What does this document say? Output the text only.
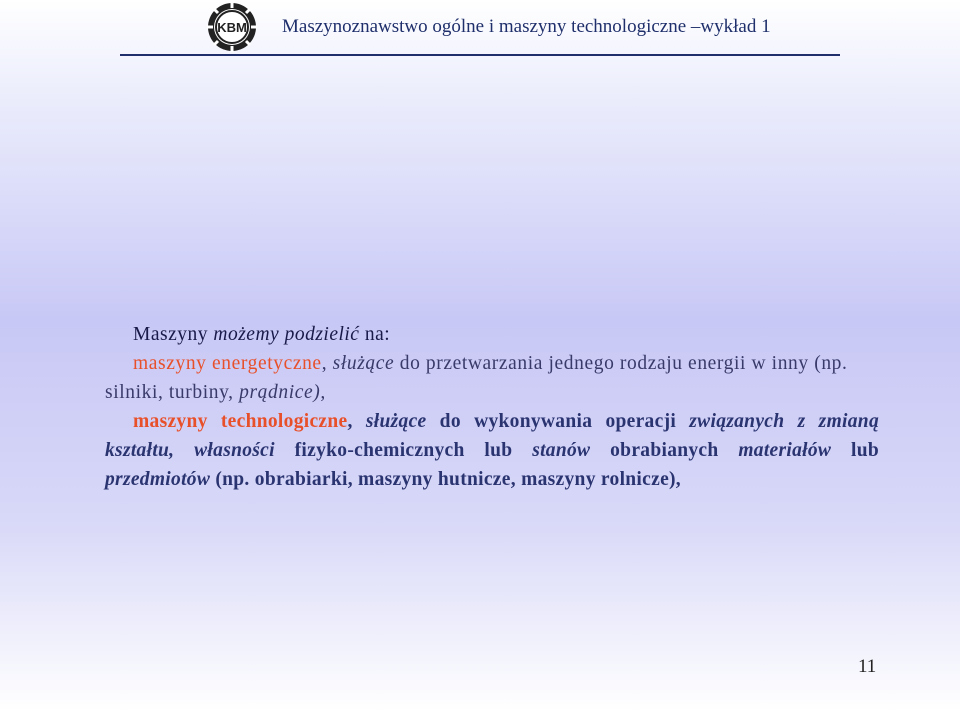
KBM Maszynoznawstwo ogólne i maszyny technologiczne –wykład 1
Maszyny możemy podzielić na:
maszyny energetyczne, służące do przetwarzania jednego rodzaju energii w inny (np. silniki, turbiny, prądnice),
maszyny technologiczne, służące do wykonywania operacji związanych z zmianą kształtu, własności fizyko-chemicznych lub stanów obrabianych materiałów lub przedmiotów (np. obrabiarki, maszyny hutnicze, maszyny rolnicze),
11
